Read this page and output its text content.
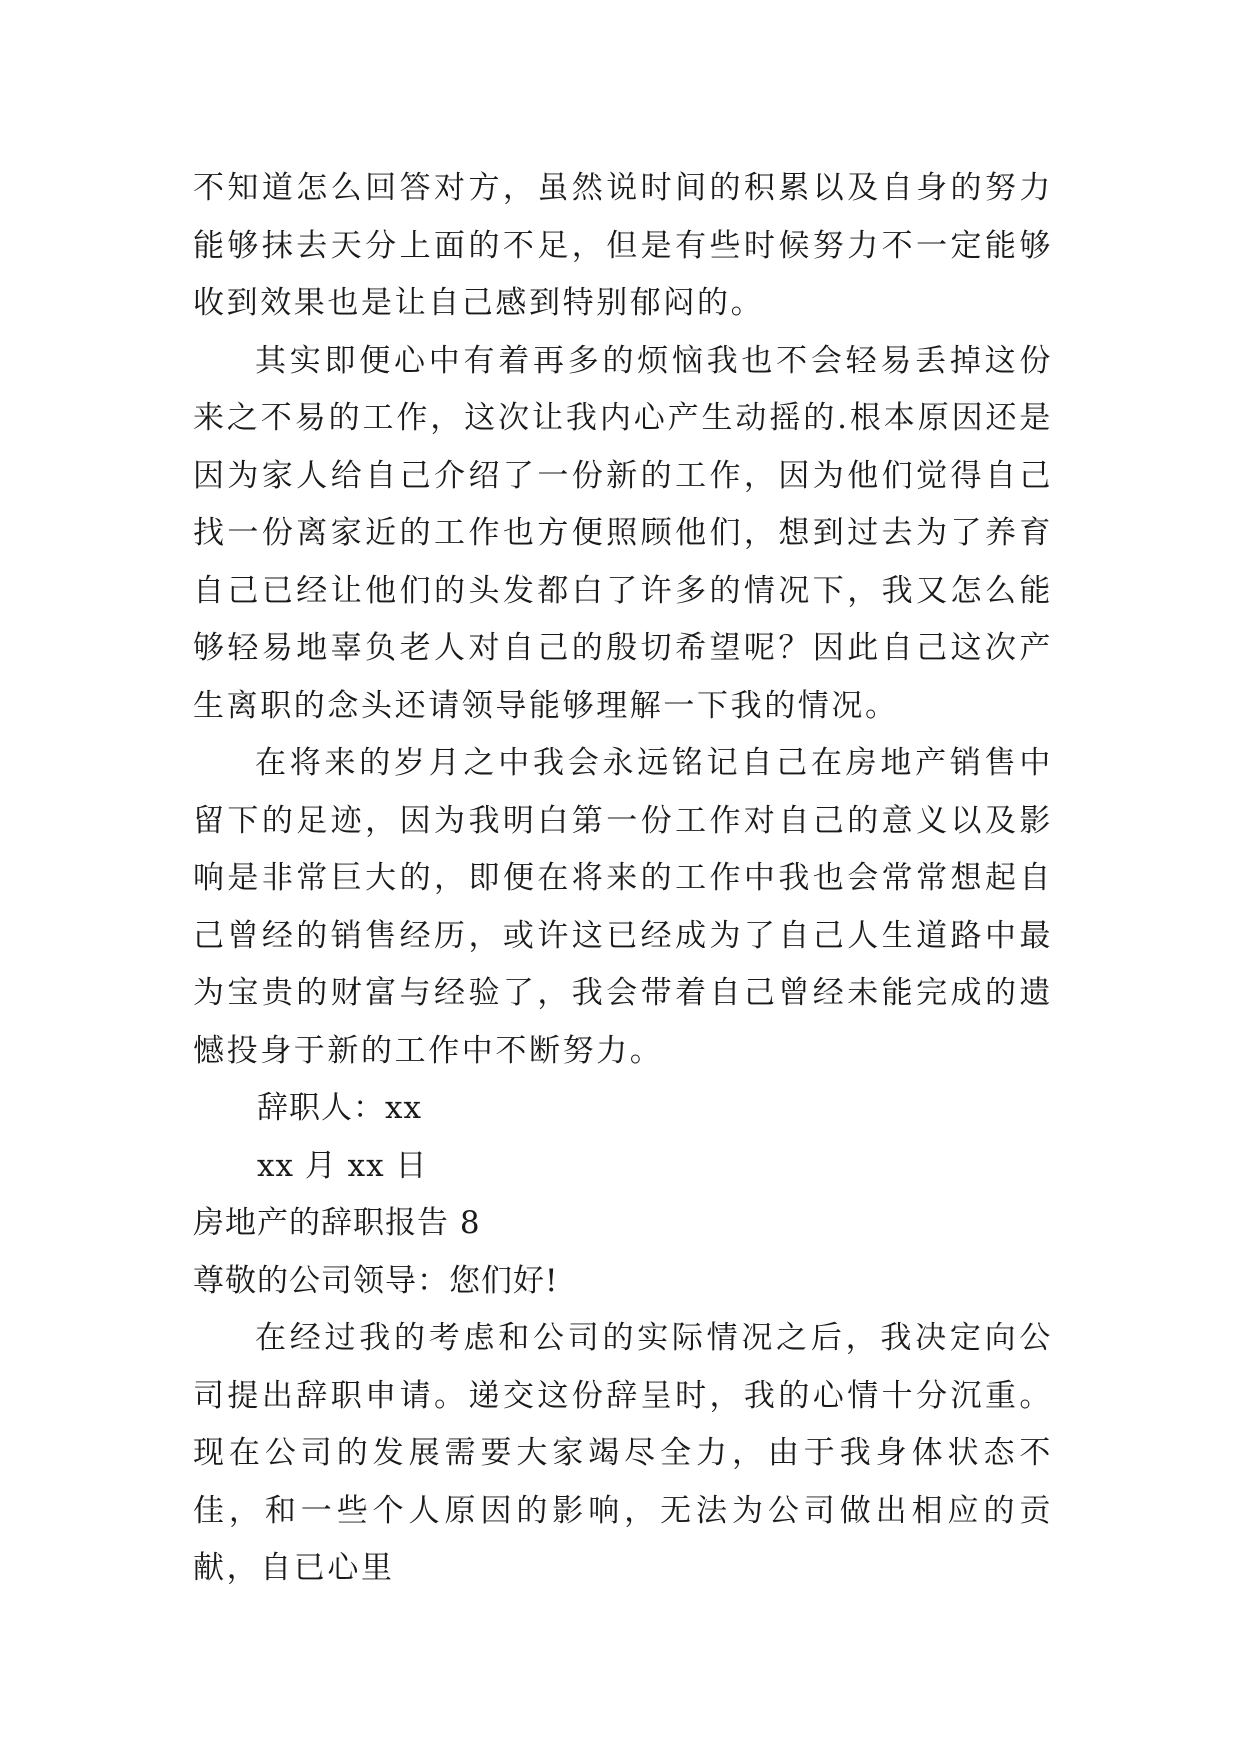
不知道怎么回答对方，虽然说时间的积累以及自身的努力能够抹去天分上面的不足，但是有些时候努力不一定能够收到效果也是让自己感到特别郁闷的。

其实即便心中有着再多的烦恼我也不会轻易丢掉这份来之不易的工作，这次让我内心产生动摇的.根本原因还是因为家人给自己介绍了一份新的工作，因为他们觉得自己找一份离家近的工作也方便照顾他们，想到过去为了养育自己已经让他们的头发都白了许多的情况下，我又怎么能够轻易地辜负老人对自己的殷切希望呢？因此自己这次产生离职的念头还请领导能够理解一下我的情况。

在将来的岁月之中我会永远铭记自己在房地产销售中留下的足迹，因为我明白第一份工作对自己的意义以及影响是非常巨大的，即便在将来的工作中我也会常常想起自己曾经的销售经历，或许这已经成为了自己人生道路中最为宝贵的财富与经验了，我会带着自己曾经未能完成的遗憾投身于新的工作中不断努力。

辞职人：xx

xx 月 xx 日

房地产的辞职报告 8

尊敬的公司领导：您们好!

在经过我的考虑和公司的实际情况之后，我决定向公司提出辞职申请。递交这份辞呈时，我的心情十分沉重。现在公司的发展需要大家竭尽全力，由于我身体状态不佳，和一些个人原因的影响，无法为公司做出相应的贡献，自已心里
